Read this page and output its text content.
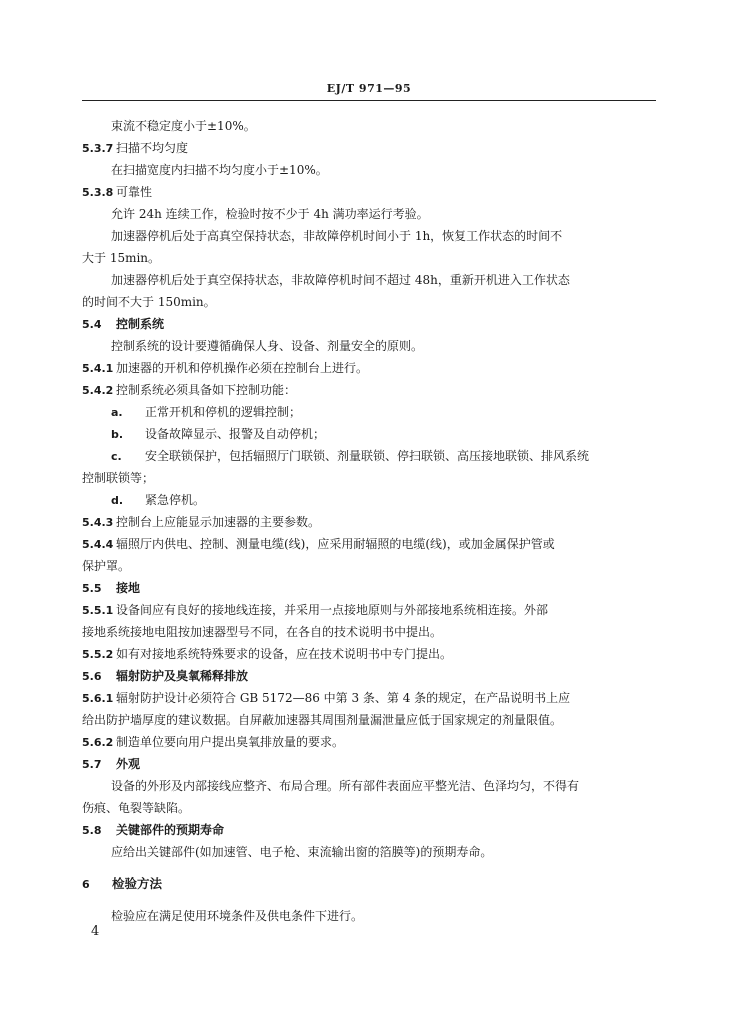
EJ/T 971—95
束流不稳定度小于±10%。
5.3.7 扫描不均匀度
在扫描宽度内扫描不均匀度小于±10%。
5.3.8 可靠性
允许 24h 连续工作，检验时按不少于 4h 满功率运行考验。
加速器停机后处于高真空保持状态，非故障停机时间小于 1h，恢复工作状态的时间不
大于 15min。
加速器停机后处于真空保持状态，非故障停机时间不超过 48h，重新开机进入工作状态
的时间不大于 150min。
5.4 控制系统
控制系统的设计要遵循确保人身、设备、剂量安全的原则。
5.4.1 加速器的开机和停机操作必须在控制台上进行。
5.4.2 控制系统必须具备如下控制功能：
a. 正常开机和停机的逻辑控制；
b. 设备故障显示、报警及自动停机；
c. 安全联锁保护，包括辐照厅门联锁、剂量联锁、停扫联锁、高压接地联锁、排风系统
控制联锁等；
d. 紧急停机。
5.4.3 控制台上应能显示加速器的主要参数。
5.4.4 辐照厅内供电、控制、测量电缆(线)，应采用耐辐照的电缆(线)，或加金属保护管或
保护罩。
5.5 接地
5.5.1 设备间应有良好的接地线连接，并采用一点接地原则与外部接地系统相连接。外部
接地系统接地电阻按加速器型号不同，在各自的技术说明书中提出。
5.5.2 如有对接地系统特殊要求的设备，应在技术说明书中专门提出。
5.6 辐射防护及臭氧稀释排放
5.6.1 辐射防护设计必须符合 GB 5172—86 中第 3 条、第 4 条的规定，在产品说明书上应
给出防护墙厚度的建议数据。自屏蔽加速器其周围剂量漏泄量应低于国家规定的剂量限值。
5.6.2 制造单位要向用户提出臭氧排放量的要求。
5.7 外观
设备的外形及内部接线应整齐、布局合理。所有部件表面应平整光洁、色泽均匀，不得有
伤痕、龟裂等缺陷。
5.8 关键部件的预期寿命
应给出关键部件(如加速管、电子枪、束流输出窗的箔膜等)的预期寿命。
6 检验方法
检验应在满足使用环境条件及供电条件下进行。
4
